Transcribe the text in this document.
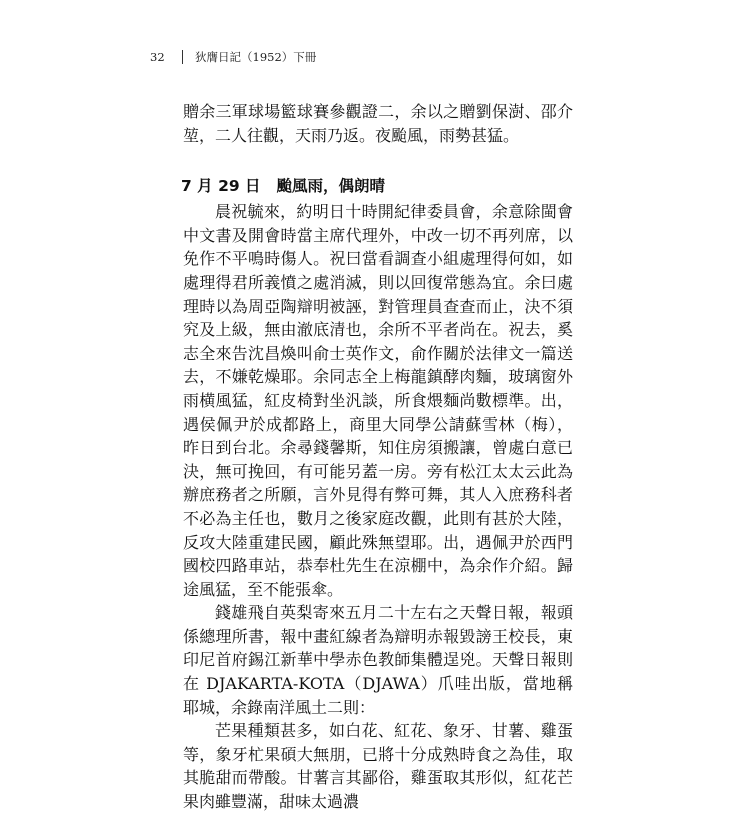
32	狄膺日記（1952）下冊

贈余三軍球場籃球賽參觀證二，余以之贈劉保澍、邵介堃，二人往觀，天雨乃返。夜颱風，雨勢甚猛。

7 月 29 日 颱風雨，偶朗晴

晨祝毓來，約明日十時開紀律委員會，余意除閩會中文書及開會時當主席代理外，中改一切不再列席，以免作不平鳴時傷人。祝曰當看調查小組處理得何如，如處理得君所義憤之處消滅，則以回復常態為宜。余曰處理時以為周亞陶辯明被誣，對管理員查查而止，決不須究及上級，無由澈底清也，余所不平者尚在。祝去，奚志全來告沈昌煥叫俞士英作文，俞作關於法律文一篇送去，不嫌乾燥耶。余同志全上梅龍鎮酵肉麵，玻璃窗外雨横風猛，紅皮椅對坐汎談，所食煨麵尚數標準。出，遇侯佩尹於成都路上，商里大同學公請蘇雪林（梅），昨日到台北。余尋錢馨斯，知住房須搬讓，曾處白意已決，無可挽回，有可能另蓋一房。旁有松江太太云此為辦庶務者之所願，言外見得有弊可舞，其人入庶務科者不必為主任也，數月之後家庭改觀，此則有甚於大陸，反攻大陸重建民國，顧此殊無望耶。出，遇佩尹於西門國校四路車站，恭奉杜先生在涼棚中，為余作介紹。歸途風猛，至不能張傘。

錢雄飛自英梨寄來五月二十左右之天聲日報，報頭係總理所書，報中畫紅線者為辯明赤報毀謗王校長，東印尼首府錫江新華中學赤色教師集體逞兇。天聲日報則在 DJAKARTA-KOTA（DJAWA）爪哇出版，當地稱耶城，余錄南洋風土二則：

芒果種類甚多，如白花、紅花、象牙、甘薯、雞蛋等，象牙杧果碩大無朋，已將十分成熟時食之為佳，取其脆甜而帶酸。甘薯言其鄙俗，雞蛋取其形似，紅花芒果肉雖豐滿，甜味太過濃
